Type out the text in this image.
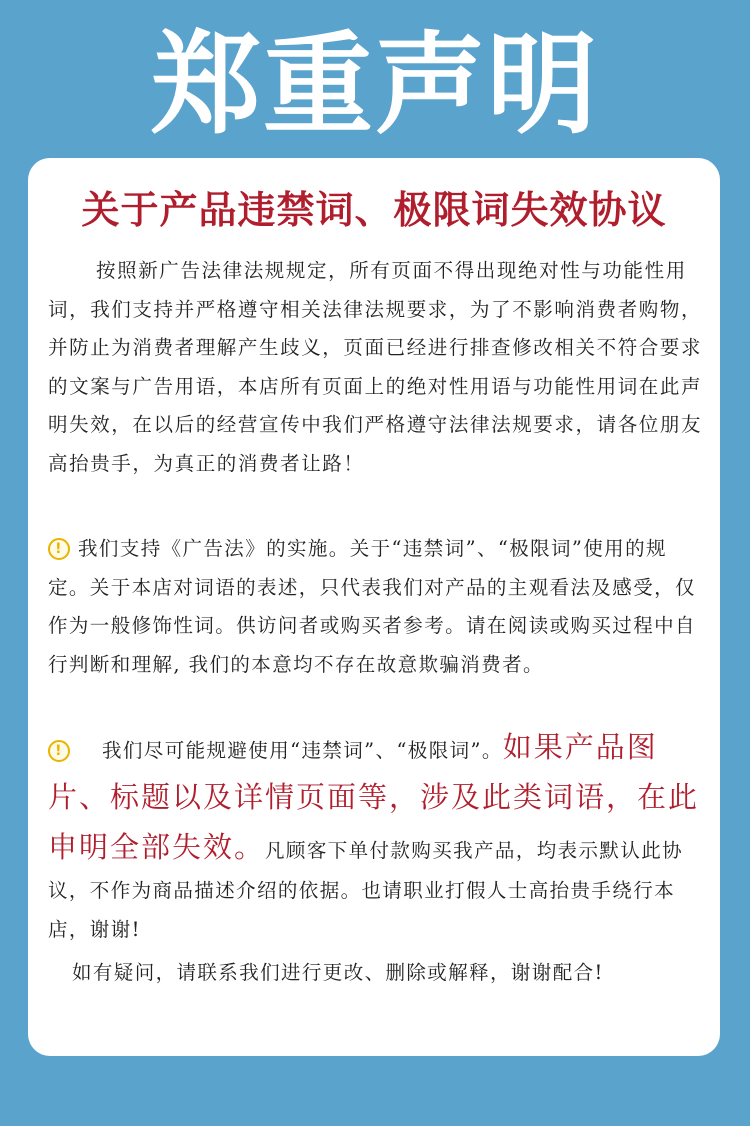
郑重声明
关于产品违禁词、极限词失效协议
按照新广告法律法规规定，所有页面不得出现绝对性与功能性用词，我们支持并严格遵守相关法律法规要求，为了不影响消费者购物，并防止为消费者理解产生歧义，页面已经进行排查修改相关不符合要求的文案与广告用语，本店所有页面上的绝对性用语与功能性用词在此声明失效，在以后的经营宣传中我们严格遵守法律法规要求，请各位朋友高抬贵手，为真正的消费者让路！
! 我们支持《广告法》的实施。关于“违禁词”、“极限词”使用的规定。关于本店对词语的表述，只代表我们对产品的主观看法及感受，仅作为一般修饰性词。供访问者或购买者参考。请在阅读或购买过程中自行判断和理解, 我们的本意均不存在故意欺骗消费者。
! 我们尽可能规避使用“违禁词”、“极限词”。如果产品图片、标题以及详情页面等，涉及此类词语，在此申明全部失效。凡顾客下单付款购买我产品，均表示默认此协议，不作为商品描述介绍的依据。也请职业打假人士高抬贵手绕行本店，谢谢!
如有疑问，请联系我们进行更改、删除或解释，谢谢配合!
